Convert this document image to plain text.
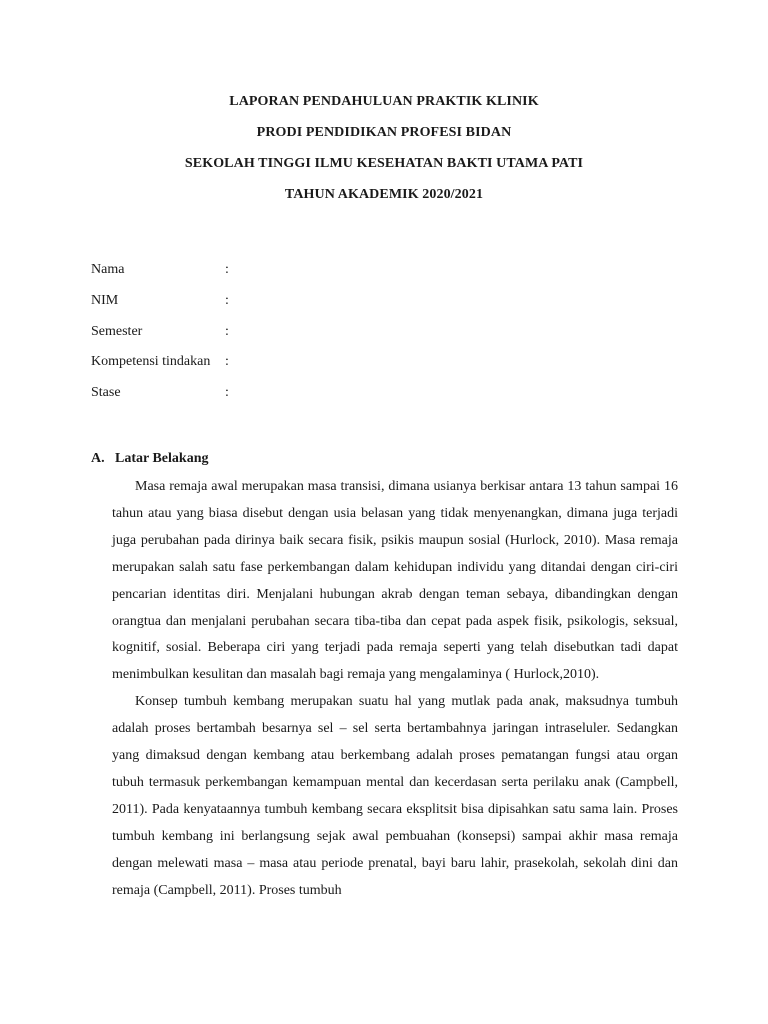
LAPORAN PENDAHULUAN PRAKTIK KLINIK
PRODI PENDIDIKAN PROFESI BIDAN
SEKOLAH TINGGI ILMU KESEHATAN BAKTI UTAMA PATI
TAHUN AKADEMIK 2020/2021
Nama	:
NIM	:
Semester	:
Kompetensi tindakan	:
Stase	:
A. Latar Belakang

Masa remaja awal merupakan masa transisi, dimana usianya berkisar antara 13 tahun sampai 16 tahun atau yang biasa disebut dengan usia belasan yang tidak menyenangkan, dimana juga terjadi juga perubahan pada dirinya baik secara fisik, psikis maupun sosial (Hurlock, 2010). Masa remaja merupakan salah satu fase perkembangan dalam kehidupan individu yang ditandai dengan ciri-ciri pencarian identitas diri. Menjalani hubungan akrab dengan teman sebaya, dibandingkan dengan orangtua dan menjalani perubahan secara tiba-tiba dan cepat pada aspek fisik, psikologis, seksual, kognitif, sosial. Beberapa ciri yang terjadi pada remaja seperti yang telah disebutkan tadi dapat menimbulkan kesulitan dan masalah bagi remaja yang mengalaminya ( Hurlock,2010).

Konsep tumbuh kembang merupakan suatu hal yang mutlak pada anak, maksudnya tumbuh adalah proses bertambah besarnya sel – sel serta bertambahnya jaringan intraseluler. Sedangkan yang dimaksud dengan kembang atau berkembang adalah proses pematangan fungsi atau organ tubuh termasuk perkembangan kemampuan mental dan kecerdasan serta perilaku anak (Campbell, 2011). Pada kenyataannya tumbuh kembang secara eksplitsit bisa dipisahkan satu sama lain. Proses tumbuh kembang ini berlangsung sejak awal pembuahan (konsepsi) sampai akhir masa remaja dengan melewati masa – masa atau periode prenatal, bayi baru lahir, prasekolah, sekolah dini dan remaja (Campbell, 2011). Proses tumbuh
